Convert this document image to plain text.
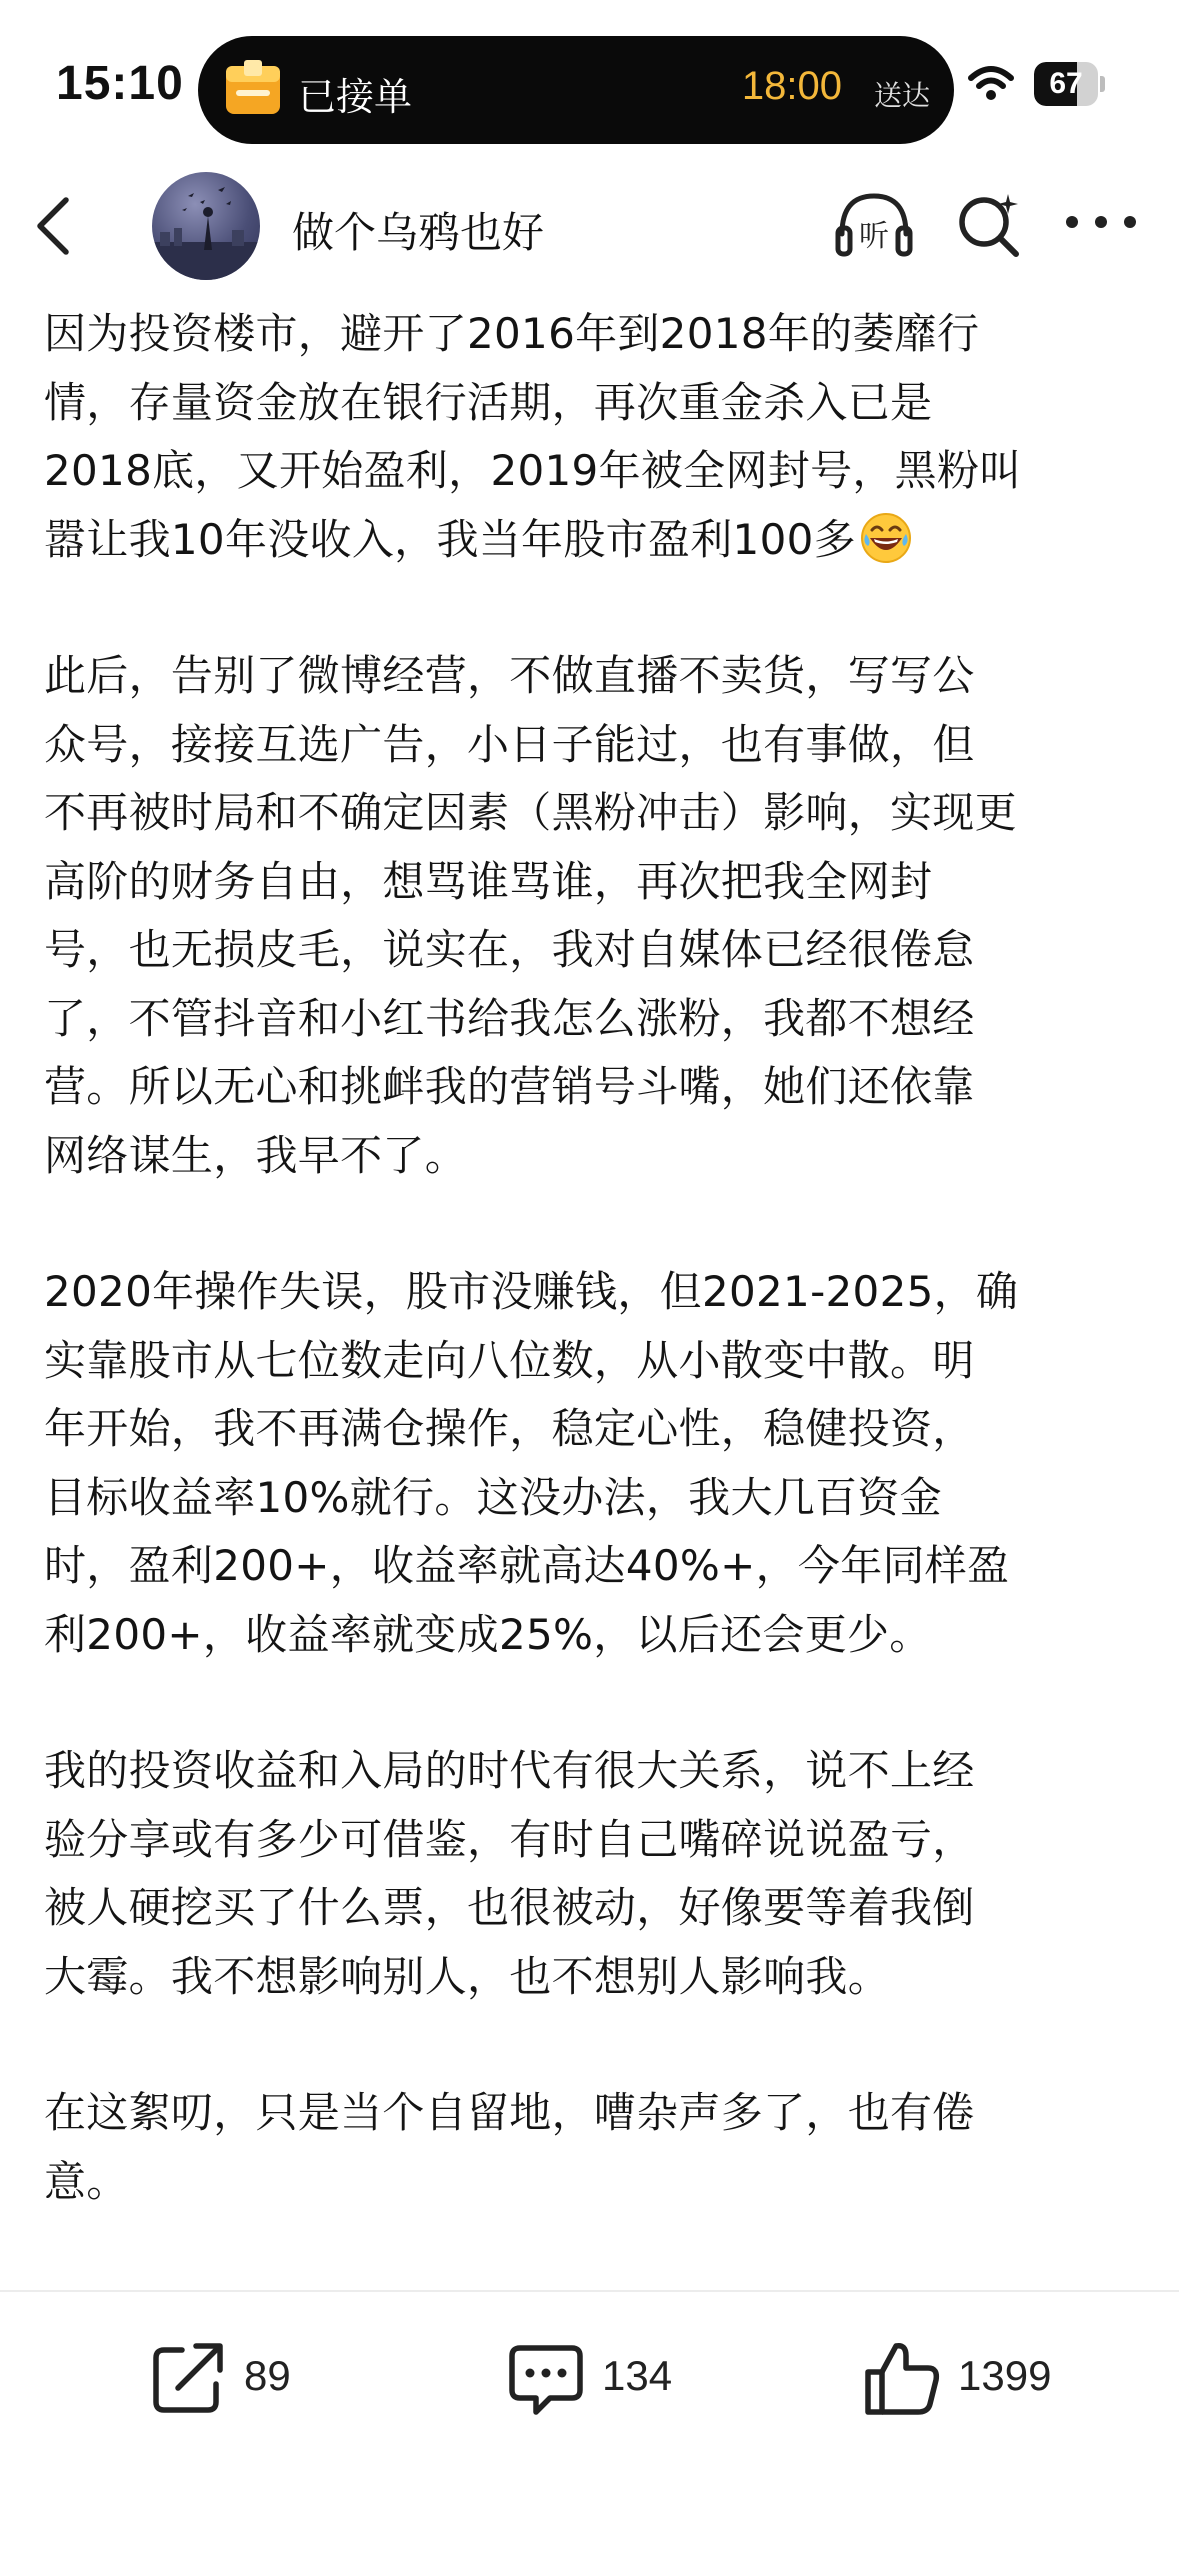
15:10	已接单	18:00 送达	67
做个乌鸦也好	听

因为投资楼市，避开了2016年到2018年的萎靡行
情，存量资金放在银行活期，再次重金杀入已是
2018底，又开始盈利，2019年被全网封号，黑粉叫
嚣让我10年没收入，我当年股市盈利100多

此后，告别了微博经营，不做直播不卖货，写写公
众号，接接互选广告，小日子能过，也有事做，但
不再被时局和不确定因素（黑粉冲击）影响，实现更
高阶的财务自由，想骂谁骂谁，再次把我全网封
号，也无损皮毛，说实在，我对自媒体已经很倦怠
了，不管抖音和小红书给我怎么涨粉，我都不想经
营。所以无心和挑衅我的营销号斗嘴，她们还依靠
网络谋生，我早不了。

2020年操作失误，股市没赚钱，但2021-2025，确
实靠股市从七位数走向八位数，从小散变中散。明
年开始，我不再满仓操作，稳定心性，稳健投资，
目标收益率10%就行。这没办法，我大几百资金
时，盈利200+，收益率就高达40%+，今年同样盈
利200+，收益率就变成25%，以后还会更少。

我的投资收益和入局的时代有很大关系，说不上经
验分享或有多少可借鉴，有时自己嘴碎说说盈亏，
被人硬挖买了什么票，也很被动，好像要等着我倒
大霉。我不想影响别人，也不想别人影响我。

在这絮叨，只是当个自留地，嘈杂声多了，也有倦
意。

89	134	1399
